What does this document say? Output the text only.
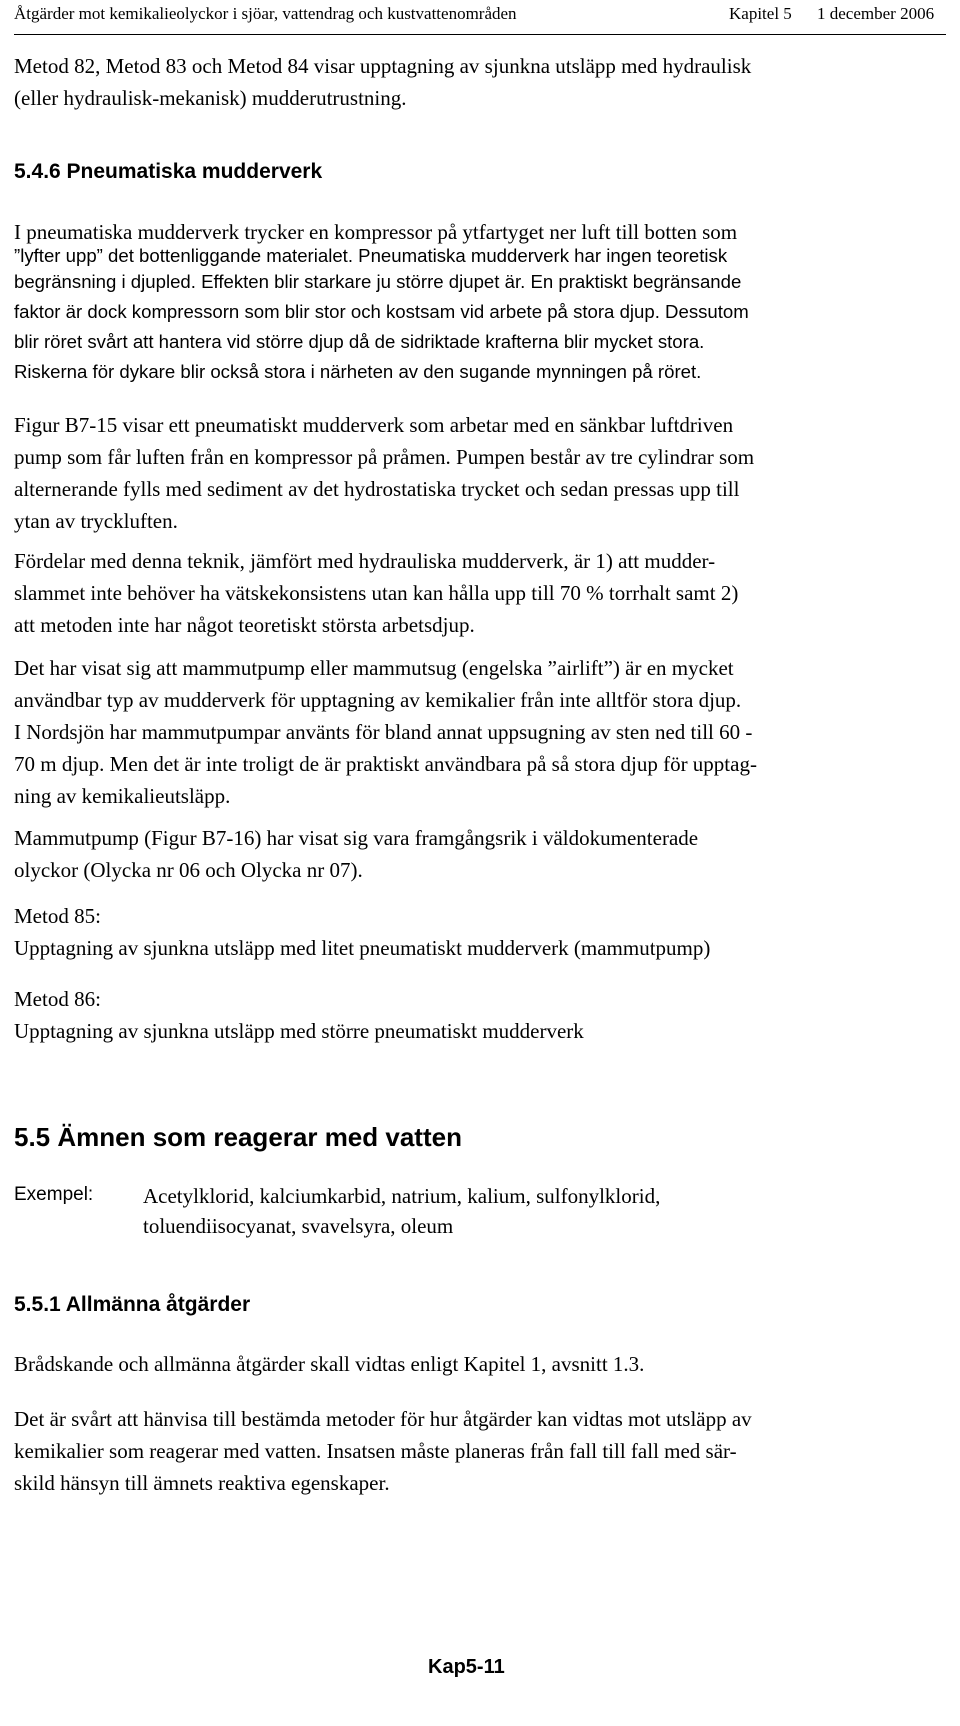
Åtgärder mot kemikalieolyckor i sjöar, vattendrag och kustvattenområden	Kapitel 5 1 december 2006
Metod 82, Metod 83 och Metod 84 visar upptagning av sjunkna utsläpp med hydraulisk
(eller hydraulisk-mekanisk) mudderutrustning.
5.4.6 Pneumatiska mudderverk
I pneumatiska mudderverk trycker en kompressor på ytfartyget ner luft till botten som
”lyfter upp” det bottenliggande materialet. Pneumatiska mudderverk har ingen teoretisk
begränsning i djupled. Effekten blir starkare ju större djupet är. En praktiskt begränsande
faktor är dock kompressorn som blir stor och kostsam vid arbete på stora djup. Dessutom
blir röret svårt att hantera vid större djup då de sidriktade krafterna blir mycket stora.
Riskerna för dykare blir också stora i närheten av den sugande mynningen på röret.
Figur B7-15 visar ett pneumatiskt mudderverk som arbetar med en sänkbar luftdriven
pump som får luften från en kompressor på pråmen. Pumpen består av tre cylindrar som
alternerande fylls med sediment av det hydrostatiska trycket och sedan pressas upp till
ytan av tryckluften.
Fördelar med denna teknik, jämfört med hydrauliska mudderverk, är 1) att mudder-
slammet inte behöver ha vätskekonsistens utan kan hålla upp till 70 % torrhalt samt 2)
att metoden inte har något teoretiskt största arbetsdjup.
Det har visat sig att mammutpump eller mammutsug (engelska ”airlift”) är en mycket
användbar typ av mudderverk för upptagning av kemikalier från inte alltför stora djup.
I Nordsjön har mammutpumpar använts för bland annat uppsugning av sten ned till 60 -
70 m djup. Men det är inte troligt de är praktiskt användbara på så stora djup för upptag-
ning av kemikalieutsläpp.
Mammutpump (Figur B7-16) har visat sig vara framgångsrik i väldokumenterade
olyckor (Olycka nr 06 och Olycka nr 07).
Metod 85:
Upptagning av sjunkna utsläpp med litet pneumatiskt mudderverk (mammutpump)
Metod 86:
Upptagning av sjunkna utsläpp med större pneumatiskt mudderverk
5.5 Ämnen som reagerar med vatten
Exempel: Acetylklorid, kalciumkarbid, natrium, kalium, sulfonylklorid,
toluendiisocyanat, svavelsyra, oleum
5.5.1 Allmänna åtgärder
Brådskande och allmänna åtgärder skall vidtas enligt Kapitel 1, avsnitt 1.3.
Det är svårt att hänvisa till bestämda metoder för hur åtgärder kan vidtas mot utsläpp av
kemikalier som reagerar med vatten. Insatsen måste planeras från fall till fall med sär-
skild hänsyn till ämnets reaktiva egenskaper.
Kap5-11
